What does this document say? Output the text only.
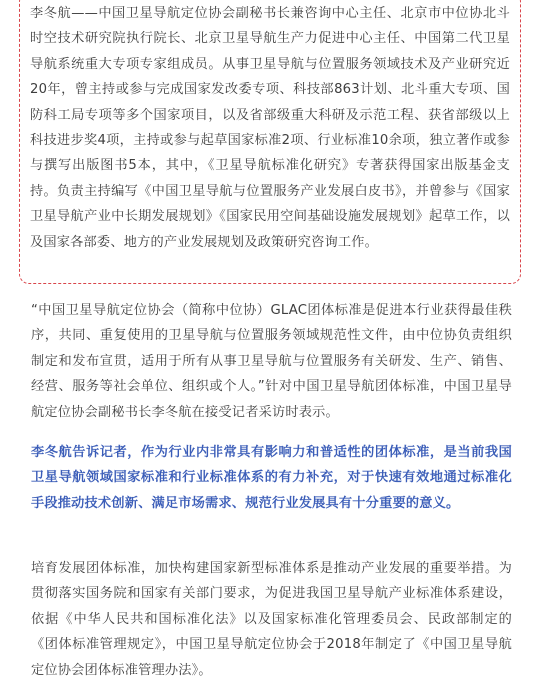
李冬航——中国卫星导航定位协会副秘书长兼咨询中心主任、北京市中位协北斗时空技术研究院执行院长、北京卫星导航生产力促进中心主任、中国第二代卫星导航系统重大专项专家组成员。从事卫星导航与位置服务领域技术及产业研究近20年，曾主持或参与完成国家发改委专项、科技部863计划、北斗重大专项、国防科工局专项等多个国家项目，以及省部级重大科研及示范工程、获省部级以上科技进步奖4项，主持或参与起草国家标准2项、行业标准10余项，独立著作或参与撰写出版图书5本，其中，《卫星导航标准化研究》专著获得国家出版基金支持。负责主持编写《中国卫星导航与位置服务产业发展白皮书》，并曾参与《国家卫星导航产业中长期发展规划》《国家民用空间基础设施发展规划》起草工作，以及国家各部委、地方的产业发展规划及政策研究咨询工作。

“中国卫星导航定位协会（简称中位协）GLAC团体标准是促进本行业获得最佳秩序，共同、重复使用的卫星导航与位置服务领域规范性文件，由中位协负责组织制定和发布宣贯，适用于所有从事卫星导航与位置服务有关研发、生产、销售、经营、服务等社会单位、组织或个人。”针对中国卫星导航团体标准，中国卫星导航定位协会副秘书长李冬航在接受记者采访时表示。

李冬航告诉记者，作为行业内非常具有影响力和普适性的团体标准，是当前我国卫星导航领域国家标准和行业标准体系的有力补充，对于快速有效地通过标准化手段推动技术创新、满足市场需求、规范行业发展具有十分重要的意义。

培育发展团体标准，加快构建国家新型标准体系是推动产业发展的重要举措。为贯彻落实国务院和国家有关部门要求，为促进我国卫星导航产业标准体系建设，依据《中华人民共和国标准化法》以及国家标准化管理委员会、民政部制定的《团体标准管理规定》，中国卫星导航定位协会于2018年制定了《中国卫星导航定位协会团体标准管理办法》。
